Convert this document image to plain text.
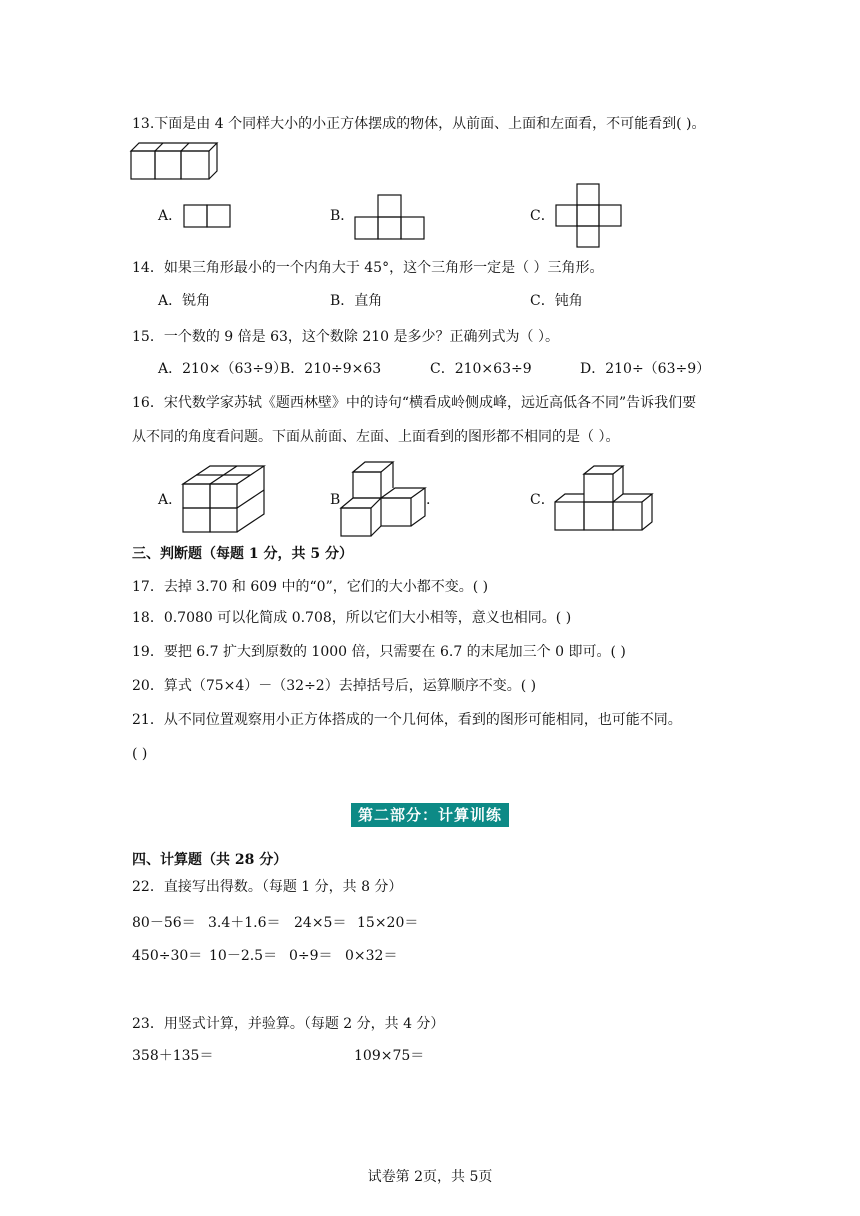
13.下面是由 4 个同样大小的小正方体摆成的物体，从前面、上面和左面看，不可能看到( )。
A．	B．	C．
14．如果三角形最小的一个内角大于 45°，这个三角形一定是（ ）三角形。
A．锐角	B．直角	C．钝角
15．一个数的 9 倍是 63，这个数除 210 是多少？正确列式为（ ）。
A．210×（63÷9）
B．210÷9×63	C．210×63÷9	D．210÷（63÷9）
16．宋代数学家苏轼《题西林壁》中的诗句“横看成岭侧成峰，远近高低各不同”告诉我们要
从不同的角度看问题。下面从前面、左面、上面看到的图形都不相同的是（ ）。
A．	B	.	C．
三、判断题（每题 1 分，共 5 分）
17．去掉 3.70 和 609 中的“0”，它们的大小都不变。( )
18．0.7080 可以化简成 0.708，所以它们大小相等，意义也相同。( )
19．要把 6.7 扩大到原数的 1000 倍，只需要在 6.7 的末尾加三个 0 即可。( )
20．算式（75×4）－（32÷2）去掉括号后，运算顺序不变。( )
21．从不同位置观察用小正方体搭成的一个几何体，看到的图形可能相同，也可能不同。
( )
第二部分：计算训练
四、计算题（共 28 分）
22．直接写出得数。（每题 1 分，共 8 分）
80－56＝ 3.4＋1.6＝ 24×5＝ 15×20＝
450÷30＝ 10－2.5＝ 0÷9＝ 0×32＝
23．用竖式计算，并验算。（每题 2 分，共 4 分）
358＋135＝	109×75＝
试卷第 2页，共 5页
